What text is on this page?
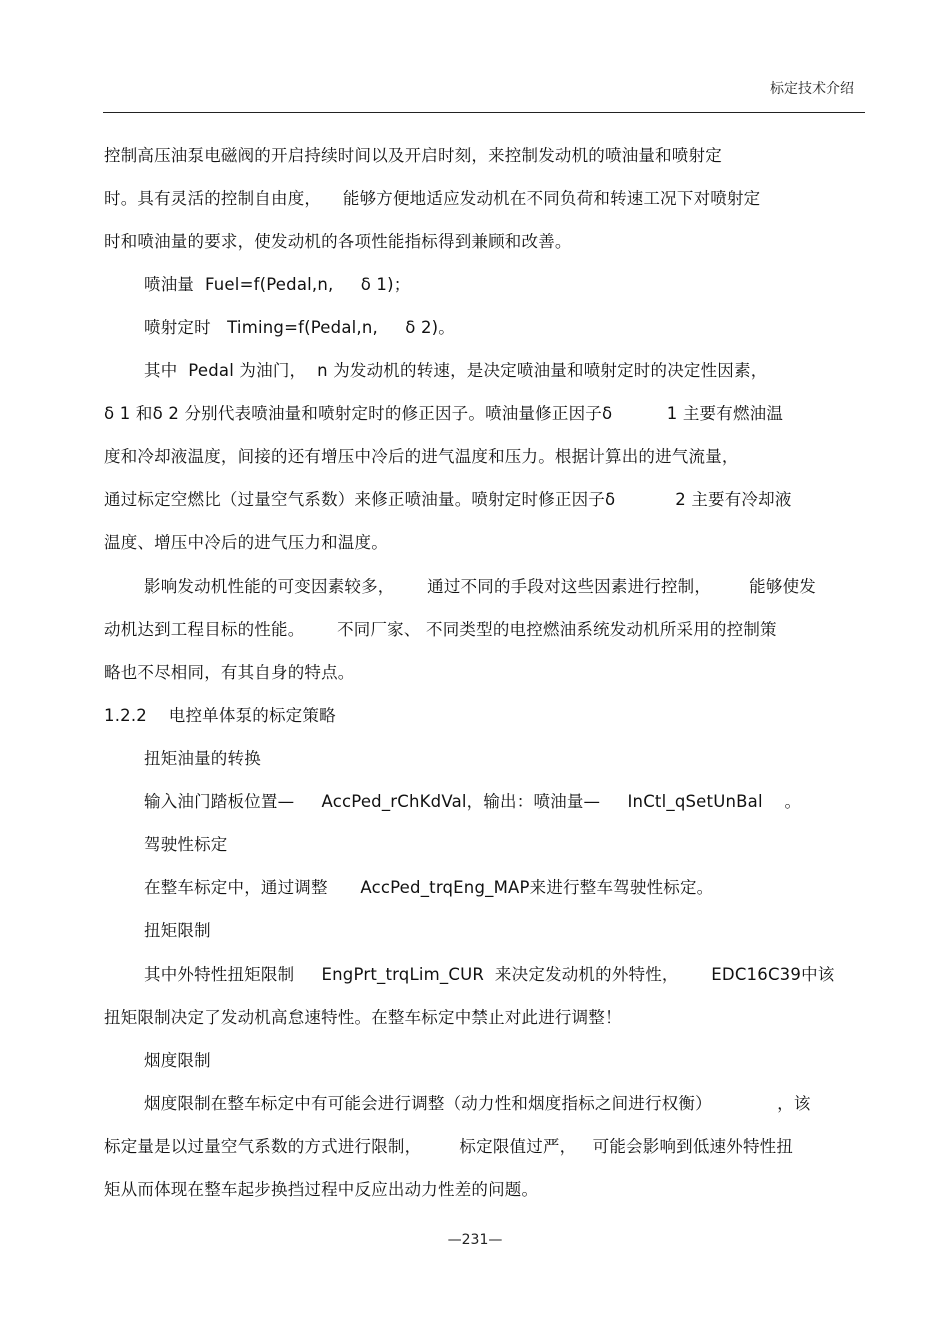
标定技术介绍
控制高压油泵电磁阀的开启持续时间以及开启时刻，来控制发动机的喷油量和喷射定
时。具有灵活的控制自由度，    能够方便地适应发动机在不同负荷和转速工况下对喷射定
时和喷油量的要求，使发动机的各项性能指标得到兼顾和改善。
喷油量  Fuel=f(Pedal,n,     δ 1)；
喷射定时   Timing=f(Pedal,n,     δ 2)。
其中  Pedal 为油门，  n 为发动机的转速，是决定喷油量和喷射定时的决定性因素，
δ 1 和δ 2 分别代表喷油量和喷射定时的修正因子。喷油量修正因子δ          1 主要有燃油温
度和冷却液温度，间接的还有增压中冷后的进气温度和压力。根据计算出的进气流量，
通过标定空燃比（过量空气系数）来修正喷油量。喷射定时修正因子δ           2 主要有冷却液
温度、增压中冷后的进气压力和温度。
影响发动机性能的可变因素较多，      通过不同的手段对这些因素进行控制，       能够使发
动机达到工程目标的性能。      不同厂家、 不同类型的电控燃油系统发动机所采用的控制策
略也不尽相同，有其自身的特点。
1.2.2    电控单体泵的标定策略
扭矩油量的转换
输入油门踏板位置—     AccPed_rChKdVal，输出：喷油量—     InCtl_qSetUnBal    。
驾驶性标定
在整车标定中，通过调整      AccPed_trqEng_MAP来进行整车驾驶性标定。
扭矩限制
其中外特性扭矩限制     EngPrt_trqLim_CUR  来决定发动机的外特性，      EDC16C39中该
扭矩限制决定了发动机高怠速特性。在整车标定中禁止对此进行调整！
烟度限制
烟度限制在整车标定中有可能会进行调整（动力性和烟度指标之间进行权衡）            ，该
标定量是以过量空气系数的方式进行限制，       标定限值过严，   可能会影响到低速外特性扭
矩从而体现在整车起步换挡过程中反应出动力性差的问题。
—231—
